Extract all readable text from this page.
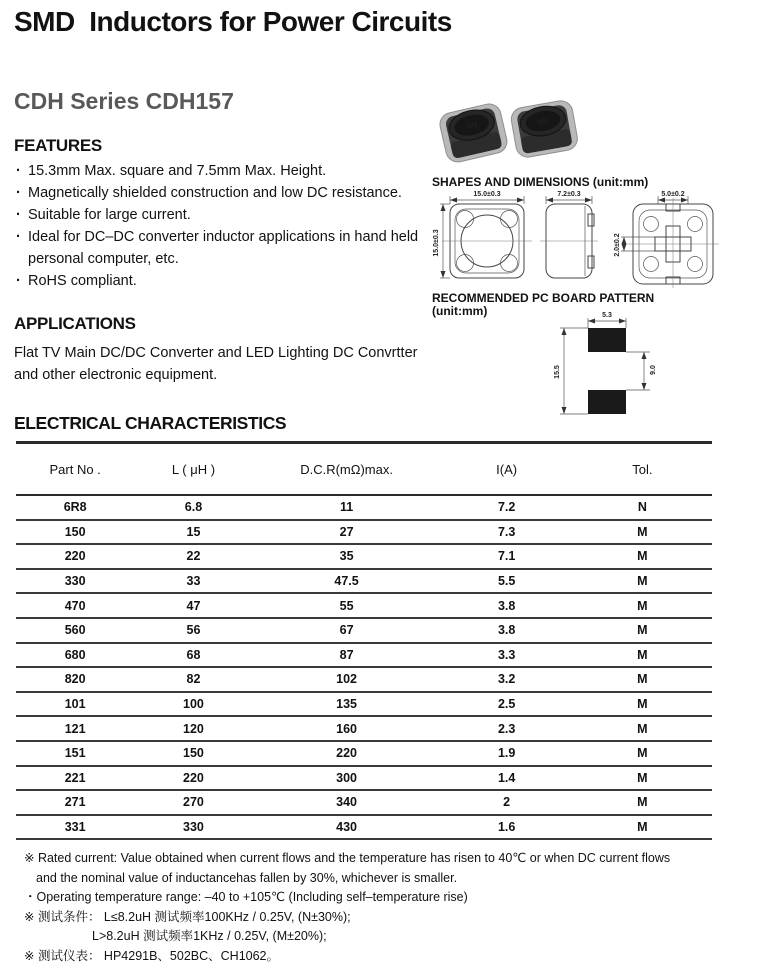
SMD  Inductors for Power Circuits
CDH Series CDH157
FEATURES
· 15.3mm Max. square and 7.5mm Max. Height.
· Magnetically shielded construction and low DC resistance.
· Suitable for large current.
· Ideal for DC–DC converter inductor applications in hand held personal computer, etc.
· RoHS compliant.
APPLICATIONS
Flat TV Main DC/DC Converter and LED Lighting DC Convrtter and other electronic equipment.
101	101
SHAPES AND DIMENSIONS (unit:mm)
15.0±0.3
15.0±0.3
7.2±0.3	5.0±0.2
2.0±0.2
RECOMMENDED PC BOARD PATTERN
(unit:mm)	5.3
15.5	9.0
ELECTRICAL CHARACTERISTICS
Part No .	L ( μH )	D.C.R(mΩ)max.	I(A)	Tol.
6R8	6.8	11	7.2	N
150	15	27	7.3	M
220	22	35	7.1	M
330	33	47.5	5.5	M
470	47	55	3.8	M
560	56	67	3.8	M
680	68	87	3.3	M
820	82	102	3.2	M
101	100	135	2.5	M
121	120	160	2.3	M
151	150	220	1.9	M
221	220	300	1.4	M
271	270	340	2	M
331	330	430	1.6	M
※ Rated current: Value obtained when current flows and the temperature has risen to 40℃ or when DC current flows
and the nominal value of inductancehas fallen by 30%, whichever is smaller.
・Operating temperature range: –40 to +105℃ (Including self–temperature rise)
※ 测试条件： L≤8.2uH 测试频率100KHz / 0.25V, (N±30%);
L>8.2uH 测试频率1KHz / 0.25V, (M±20%);
※ 测试仪表： HP4291B、502BC、CH1062。
